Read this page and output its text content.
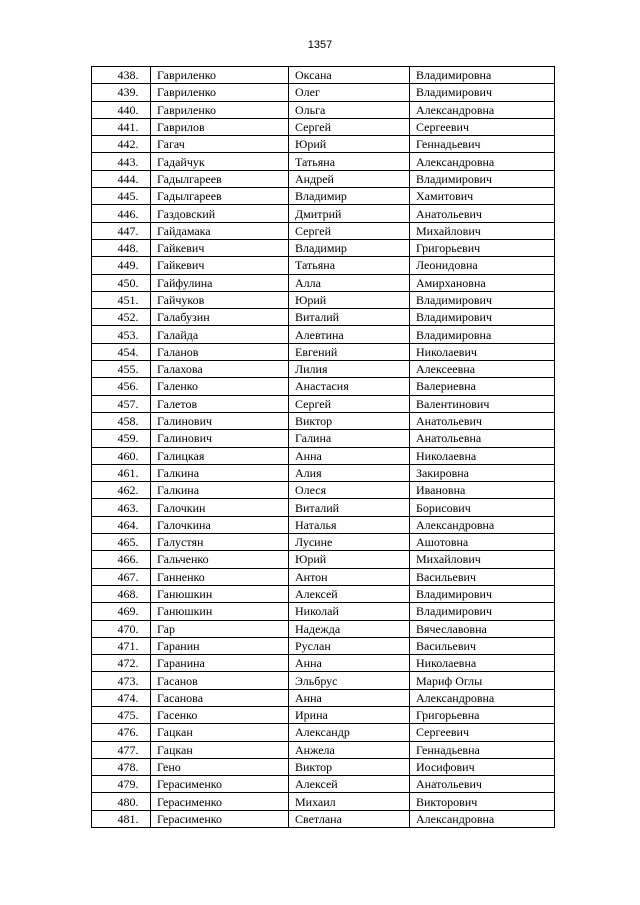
1357
438.	Гавриленко	Оксана	Владимировна
439.	Гавриленко	Олег	Владимирович
440.	Гавриленко	Ольга	Александровна
441.	Гаврилов	Сергей	Сергеевич
442.	Гагач	Юрий	Геннадьевич
443.	Гадайчук	Татьяна	Александровна
444.	Гадылгареев	Андрей	Владимирович
445.	Гадылгареев	Владимир	Хамитович
446.	Газдовский	Дмитрий	Анатольевич
447.	Гайдамака	Сергей	Михайлович
448.	Гайкевич	Владимир	Григорьевич
449.	Гайкевич	Татьяна	Леонидовна
450.	Гайфулина	Алла	Амирхановна
451.	Гайчуков	Юрий	Владимирович
452.	Галабузин	Виталий	Владимирович
453.	Галайда	Алевтина	Владимировна
454.	Галанов	Евгений	Николаевич
455.	Галахова	Лилия	Алексеевна
456.	Галенко	Анастасия	Валериевна
457.	Галетов	Сергей	Валентинович
458.	Галинович	Виктор	Анатольевич
459.	Галинович	Галина	Анатольевна
460.	Галицкая	Анна	Николаевна
461.	Галкина	Алия	Закировна
462.	Галкина	Олеся	Ивановна
463.	Галочкин	Виталий	Борисович
464.	Галочкина	Наталья	Александровна
465.	Галустян	Лусине	Ашотовна
466.	Гальченко	Юрий	Михайлович
467.	Ганненко	Антон	Васильевич
468.	Ганюшкин	Алексей	Владимирович
469.	Ганюшкин	Николай	Владимирович
470.	Гар	Надежда	Вячеславовна
471.	Гаранин	Руслан	Васильевич
472.	Гаранина	Анна	Николаевна
473.	Гасанов	Эльбрус	Мариф Оглы
474.	Гасанова	Анна	Александровна
475.	Гасенко	Ирина	Григорьевна
476.	Гацкан	Александр	Сергеевич
477.	Гацкан	Анжела	Геннадьевна
478.	Гено	Виктор	Иосифович
479.	Герасименко	Алексей	Анатольевич
480.	Герасименко	Михаил	Викторович
481.	Герасименко	Светлана	Александровна
